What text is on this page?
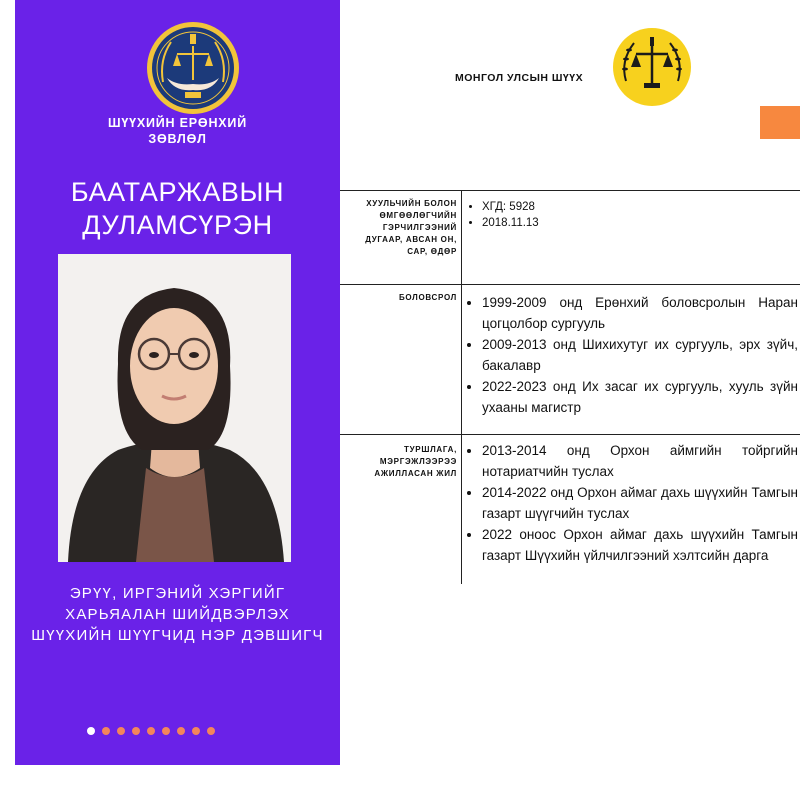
ШҮҮХИЙН ЕРӨНХИЙ
ЗӨВЛӨЛ
БААТАРЖАВЫН
ДУЛАМСҮРЭН
ЭРҮҮ, ИРГЭНИЙ ХЭРГИЙГ
ХАРЬЯАЛАН ШИЙДВЭРЛЭХ
ШҮҮХИЙН ШҮҮГЧИД НЭР ДЭВШИГЧ
МОНГОЛ УЛСЫН ШҮҮХ
ХУУЛЬЧИЙН БОЛОН
ӨМГӨӨЛӨГЧИЙН
ГЭРЧИЛГЭЭНИЙ
ДУГААР, АВСАН ОН,
САР, ӨДӨР
• ХГД: 5928
• 2018.11.13
БОЛОВСРОЛ
• 1999-2009 онд Ерөнхий боловсролын Наран цогцолбор сургууль
• 2009-2013 онд Шихихутуг их сургууль, эрх зүйч, бакалавр
• 2022-2023 онд Их засаг их сургууль, хууль зүйн ухааны магистр
ТУРШЛАГА,
МЭРГЭЖЛЭЭРЭЭ
АЖИЛЛАСАН ЖИЛ
• 2013-2014 онд Орхон аймгийн тойргийн нотариатчийн туслах
• 2014-2022 онд Орхон аймаг дахь шүүхийн Тамгын газарт шүүгчийн туслах
• 2022 оноос Орхон аймаг дахь шүүхийн Тамгын газарт Шүүхийн үйлчилгээний хэлтсийн дарга
